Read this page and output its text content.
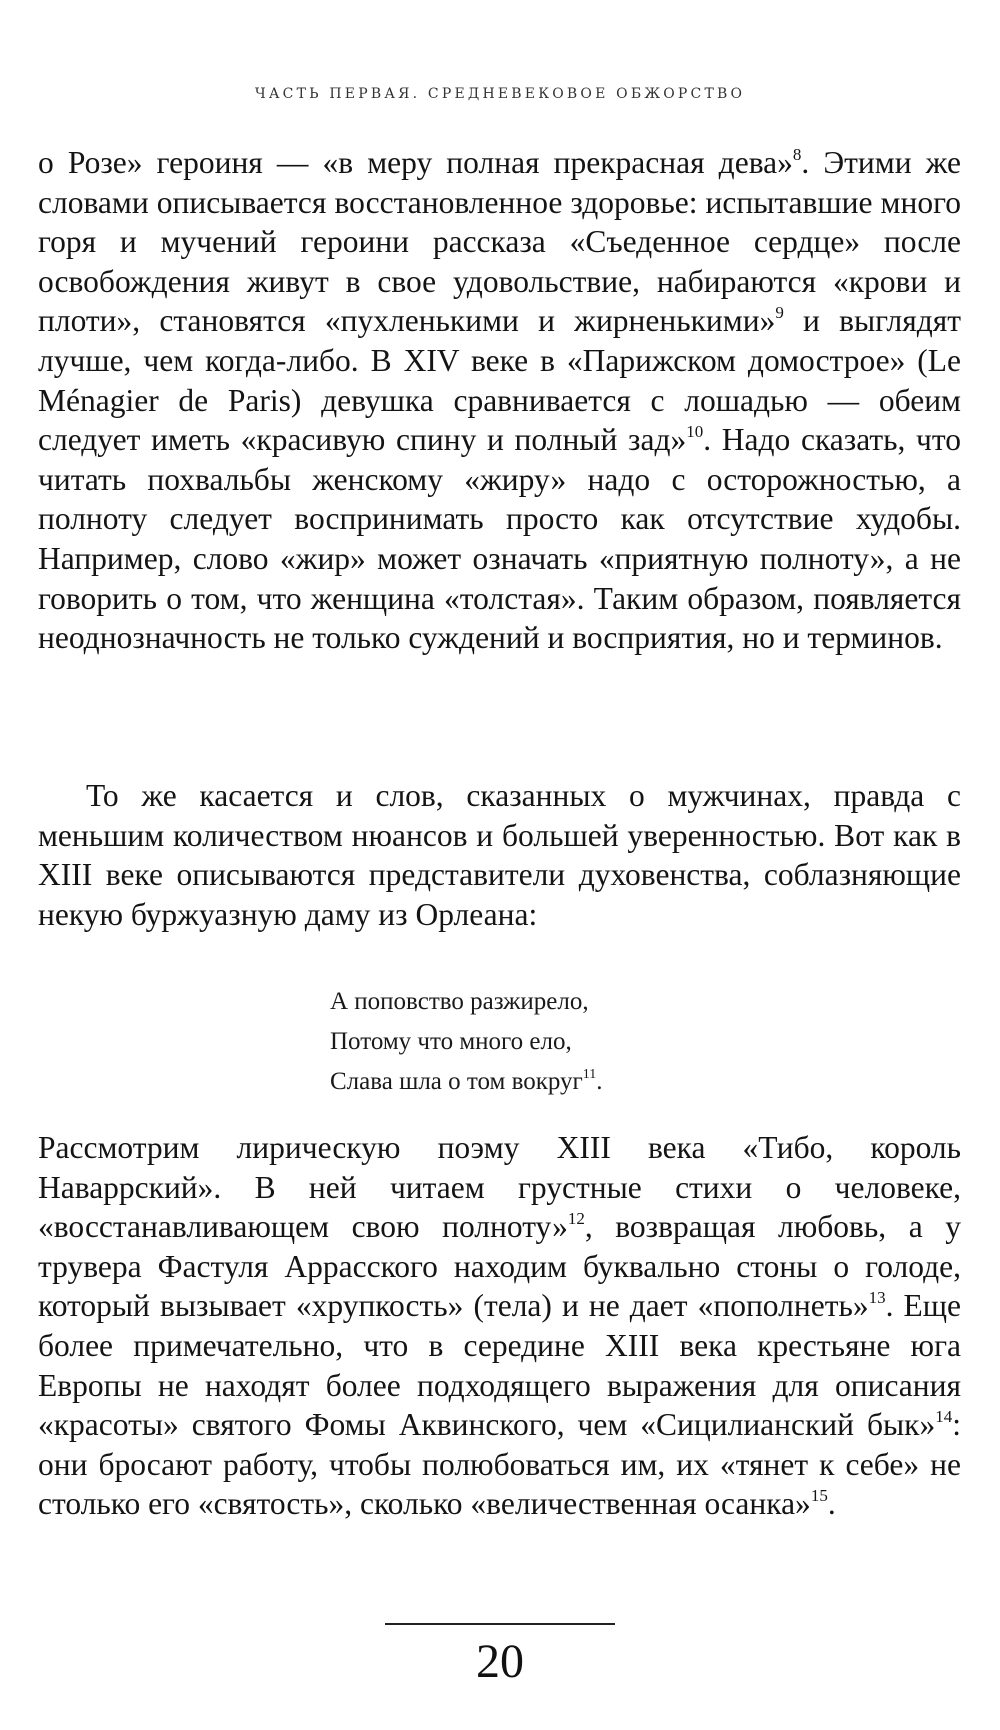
ЧАСТЬ ПЕРВАЯ. СРЕДНЕВЕКОВОЕ ОБЖОРСТВО

о Розе» героиня — «в меру полная прекрасная дева»$^8$. Этими же словами описывается восстановленное здоровье: испытавшие много горя и мучений героини рассказа «Съеденное сердце» после освобождения живут в свое удовольствие, набираются «крови и плоти», становятся «пухленькими и жирненькими»$^9$ и выглядят лучше, чем когда-либо. В XIV веке в «Парижском домострое» (Le Ménagier de Paris) девушка сравнивается с лошадью — обеим следует иметь «красивую спину и полный зад»$^{10}$. Надо сказать, что читать похвальбы женскому «жиру» надо с осторожностью, а полноту следует воспринимать просто как отсутствие худобы. Например, слово «жир» может означать «приятную полноту», а не говорить о том, что женщина «толстая». Таким образом, появляется неоднозначность не только суждений и восприятия, но и терминов.

То же касается и слов, сказанных о мужчинах, правда с меньшим количеством нюансов и большей уверенностью. Вот как в XIII веке описываются представители духовенства, соблазняющие некую буржуазную даму из Орлеана:

А поповство разжирело,
Потому что много ело,
Слава шла о том вокруг$^{11}$.

Рассмотрим лирическую поэму XIII века «Тибо, король Наваррский». В ней читаем грустные стихи о человеке, «восстанавливающем свою полноту»$^{12}$, возвращая любовь, а у трувера Фастуля Аррасского находим буквально стоны о голоде, который вызывает «хрупкость» (тела) и не дает «пополнеть»$^{13}$. Еще более примечательно, что в середине XIII века крестьяне юга Европы не находят более подходящего выражения для описания «красоты» святого Фомы Аквинского, чем «Сицилианский бык»$^{14}$: они бросают работу, чтобы полюбоваться им, их «тянет к себе» не столько его «святость», сколько «величественная осанка»$^{15}$.

20
